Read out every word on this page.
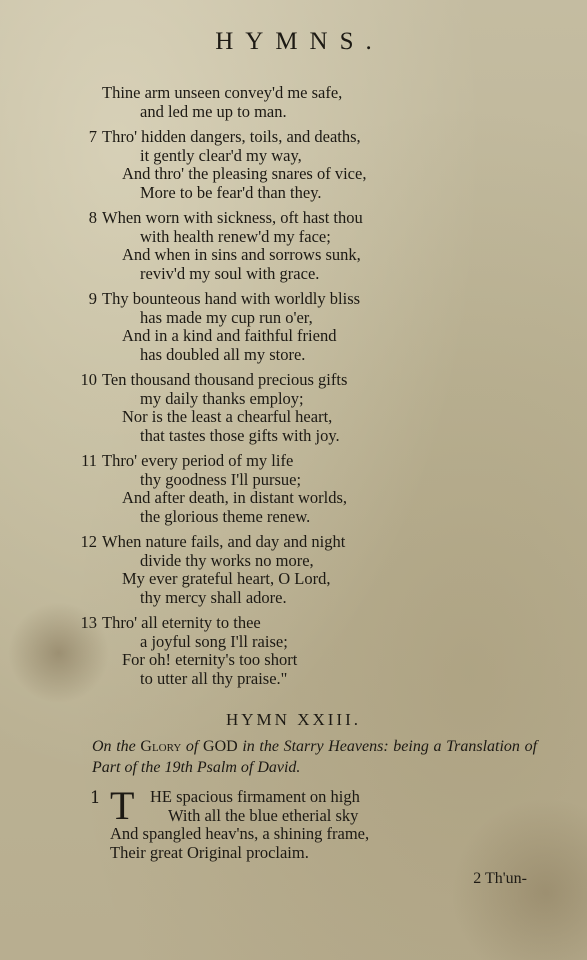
HYMNS.
Thine arm unseen convey'd me safe,
and led me up to man.
7 Thro' hidden dangers, toils, and deaths,
it gently clear'd my way,
And thro' the pleasing snares of vice,
More to be fear'd than they.
8 When worn with sickness, oft hast thou
with health renew'd my face;
And when in sins and sorrows sunk,
reviv'd my soul with grace.
9 Thy bounteous hand with worldly bliss
has made my cup run o'er,
And in a kind and faithful friend
has doubled all my store.
10 Ten thousand thousand precious gifts
my daily thanks employ;
Nor is the least a chearful heart,
that tastes those gifts with joy.
11 Thro' every period of my life
thy goodness I'll pursue;
And after death, in distant worlds,
the glorious theme renew.
12 When nature fails, and day and night
divide thy works no more,
My ever grateful heart, O Lord,
thy mercy shall adore.
13 Thro' all eternity to thee
a joyful song I'll raise;
For oh! eternity's too short
to utter all thy praise."
HYMN XXIII.
On the Glory of GOD in the Starry Heavens: being a Translation of Part of the 19th Psalm of David.
1 T HE spacious firmament on high
With all the blue etherial sky
And spangled heav'ns, a shining frame,
Their great Original proclaim.
2 Th'un-
